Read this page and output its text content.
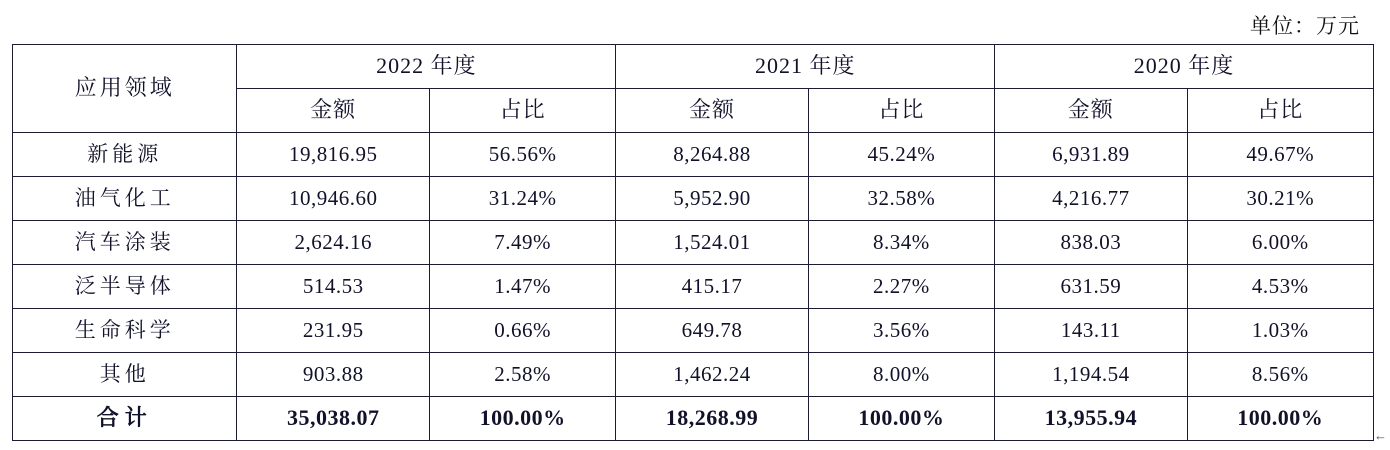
单位：万元
应用领域	2022 年度		2021 年度		2020 年度	
	金额	占比	金额	占比	金额	占比
新能源	19,816.95	56.56%	8,264.88	45.24%	6,931.89	49.67%
油气化工	10,946.60	31.24%	5,952.90	32.58%	4,216.77	30.21%
汽车涂装	2,624.16	7.49%	1,524.01	8.34%	838.03	6.00%
泛半导体	514.53	1.47%	415.17	2.27%	631.59	4.53%
生命科学	231.95	0.66%	649.78	3.56%	143.11	1.03%
其他	903.88	2.58%	1,462.24	8.00%	1,194.54	8.56%
合计	35,038.07	100.00%	18,268.99	100.00%	13,955.94	100.00%
←
